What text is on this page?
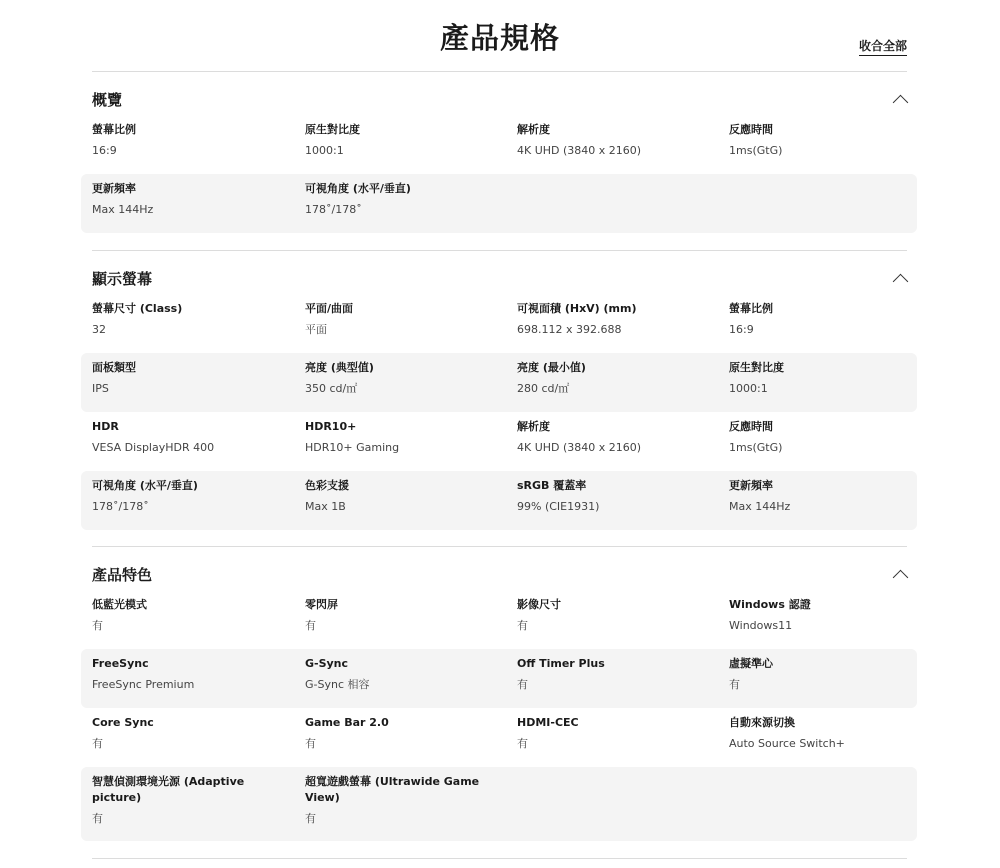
產品規格	收合全部
概覽
螢幕比例
16:9
原生對比度
1000:1
解析度
4K UHD (3840 x 2160)
反應時間
1ms(GtG)
更新頻率
Max 144Hz
可視角度 (水平/垂直)
178˚/178˚
顯示螢幕
螢幕尺寸 (Class)
32
平面/曲面
平面
可視面積 (HxV) (mm)
698.112 x 392.688
螢幕比例
16:9
面板類型
IPS
亮度 (典型值)
350 cd/㎡
亮度 (最小值)
280 cd/㎡
原生對比度
1000:1
HDR
VESA DisplayHDR 400
HDR10+
HDR10+ Gaming
解析度
4K UHD (3840 x 2160)
反應時間
1ms(GtG)
可視角度 (水平/垂直)
178˚/178˚
色彩支援
Max 1B
sRGB 覆蓋率
99% (CIE1931)
更新頻率
Max 144Hz
產品特色
低藍光模式
有
零閃屏
有
影像尺寸
有
Windows 認證
Windows11
FreeSync
FreeSync Premium
G-Sync
G-Sync 相容
Off Timer Plus
有
虛擬準心
有
Core Sync
有
Game Bar 2.0
有
HDMI-CEC
有
自動來源切換
Auto Source Switch+
智慧偵測環境光源 (Adaptive picture)
有
超寬遊戲螢幕 (Ultrawide Game View)
有
